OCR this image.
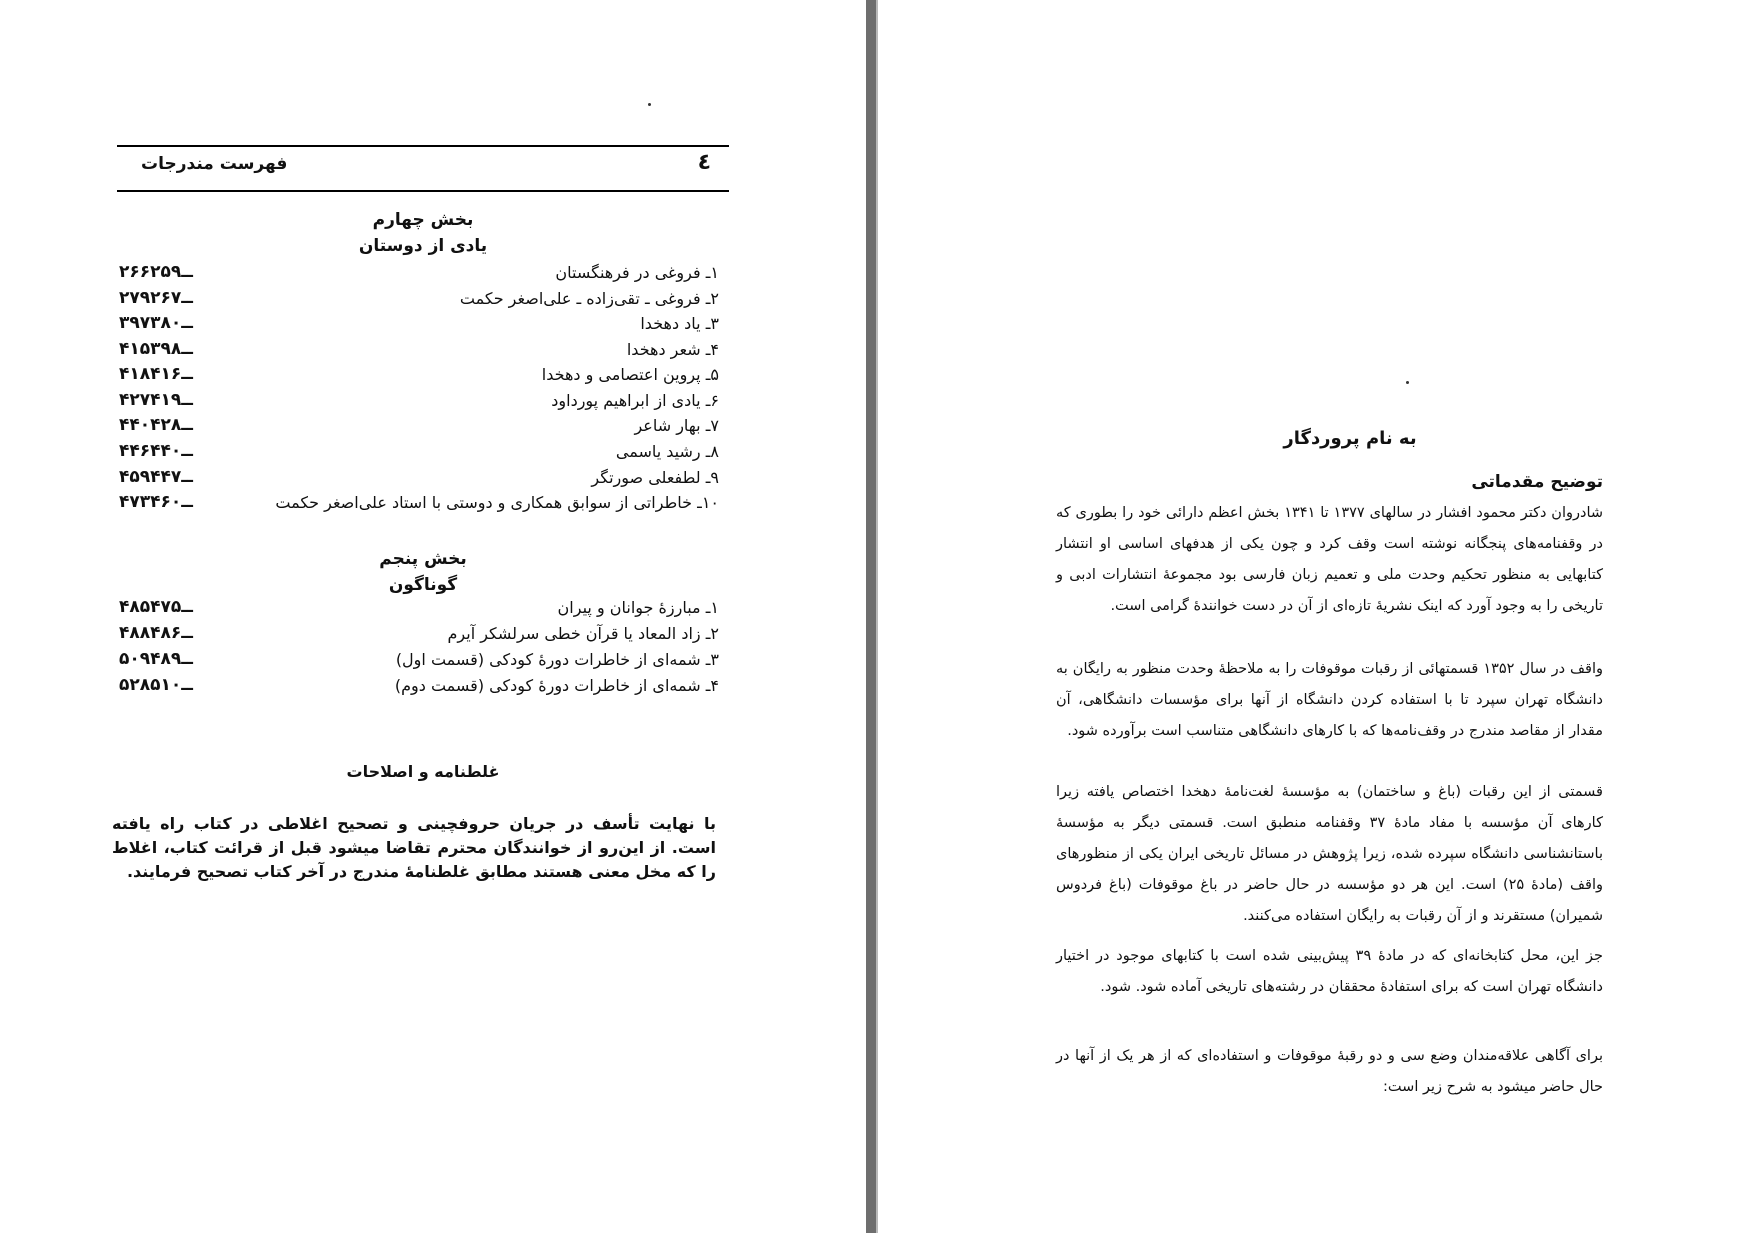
٤
فهرست مندرجات
بخش چهارم
یادی از دوستان
۱ـ فروغی در فرهنگستان
۲۶۶ــ۲۵۹
۲ـ فروغی ـ تقی‌زاده ـ علی‌اصغر حکمت
۲۷۹ــ۲۶۷
۳ـ یاد دهخدا
۳۹۷ــ۳۸۰
۴ـ شعر دهخدا
۴۱۵ــ۳۹۸
۵ـ پروین اعتصامی و دهخدا
۴۱۸ــ۴۱۶
۶ـ یادی از ابراهیم پورداود
۴۲۷ــ۴۱۹
۷ـ بهار شاعر
۴۴۰ــ۴۲۸
۸ـ رشید یاسمی
۴۴۶ــ۴۴۰
۹ـ لطفعلی صورتگر
۴۵۹ــ۴۴۷
۱۰ـ خاطراتی از سوابق همکاری و دوستی با استاد علی‌اصغر حکمت
۴۷۳ــ۴۶۰
بخش پنجم
گوناگون
۱ـ مبارزهٔ جوانان و پیران
۴۸۵ــ۴۷۵
۲ـ زاد المعاد یا قرآن خطی سرلشکر آیرم
۴۸۸ــ۴۸۶
۳ـ شمه‌ای از خاطرات دورهٔ کودکی (قسمت اول)
۵۰۹ــ۴۸۹
۴ـ شمه‌ای از خاطرات دورهٔ کودکی (قسمت دوم)
۵۲۸ــ۵۱۰
غلطنامه و اصلاحات
با نهایت تأسف در جریان حروفچینی و تصحیح اغلاطی در کتاب راه یافته است. از این‌رو از خوانندگان محترم تقاضا میشود قبل از قرائت کتاب، اغلاط را که مخل معنی هستند مطابق غلطنامهٔ مندرج در آخر کتاب تصحیح فرمایند.
به نام پروردگار
توضیح مقدماتی
شادروان دکتر محمود افشار در سالهای ۱۳۷۷ تا ۱۳۴۱ بخش اعظم دارائی خود را بطوری که در وقفنامه‌های پنجگانه نوشته است وقف کرد و چون یکی از هدفهای اساسی او انتشار کتابهایی به منظور تحکیم وحدت ملی و تعمیم زبان فارسی بود مجموعهٔ انتشارات ادبی و تاریخی را به وجود آورد که اینک نشریهٔ تازه‌ای از آن در دست خوانندهٔ گرامی است.
واقف در سال ۱۳۵۲ قسمتهائی از رقبات موقوفات را به ملاحظهٔ وحدت منظور به رایگان به دانشگاه تهران سپرد تا با استفاده کردن دانشگاه از آنها برای مؤسسات دانشگاهی، آن مقدار از مقاصد مندرج در وقف‌نامه‌ها که با کارهای دانشگاهی متناسب است برآورده شود.
قسمتی از این رقبات (باغ و ساختمان) به مؤسسهٔ لغت‌نامهٔ دهخدا اختصاص یافته زیرا کارهای آن مؤسسه با مفاد مادهٔ ۳۷ وقفنامه منطبق است. قسمتی دیگر به مؤسسهٔ باستانشناسی دانشگاه سپرده شده، زیرا پژوهش در مسائل تاریخی ایران یکی از منظورهای واقف (مادهٔ ۲۵) است. این هر دو مؤسسه در حال حاضر در باغ موقوفات (باغ فردوس شمیران) مستقرند و از آن رقبات به رایگان استفاده می‌کنند.
جز این، محل کتابخانه‌ای که در مادهٔ ۳۹ پیش‌بینی شده است با کتابهای موجود در اختیار دانشگاه تهران است که برای استفادهٔ محققان در رشته‌های تاریخی آماده شود. شود.
برای آگاهی علاقه‌مندان وضع سی و دو رقبهٔ موقوفات و استفاده‌ای که از هر یک از آنها در حال حاضر میشود به شرح زیر است:
